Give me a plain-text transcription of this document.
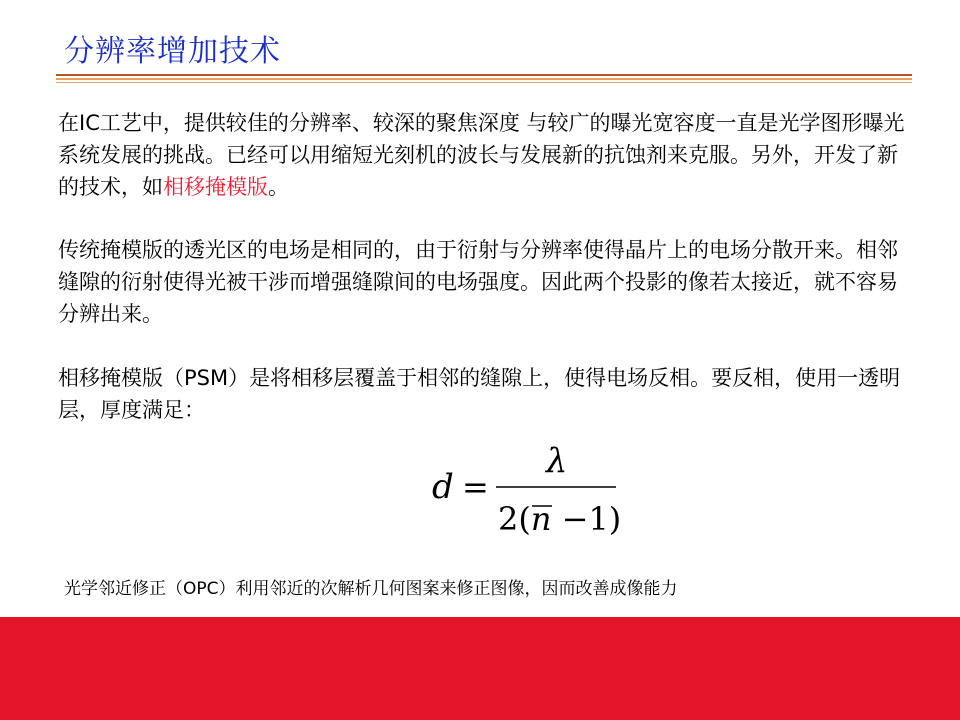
分辨率增加技术

在IC工艺中，提供较佳的分辨率、较深的聚焦深度 与较广的曝光宽容度一直是光学图形曝光系统发展的挑战。已经可以用缩短光刻机的波长与发展新的抗蚀剂来克服。另外，开发了新的技术，如相移掩模版。

传统掩模版的透光区的电场是相同的，由于衍射与分辨率使得晶片上的电场分散开来。相邻缝隙的衍射使得光被干涉而增强缝隙间的电场强度。因此两个投影的像若太接近，就不容易分辨出来。

相移掩模版（PSM）是将相移层覆盖于相邻的缝隙上，使得电场反相。要反相，使用一透明层，厚度满足：

d =
λ
2(n −1)

光学邻近修正（OPC）利用邻近的次解析几何图案来修正图像，因而改善成像能力
